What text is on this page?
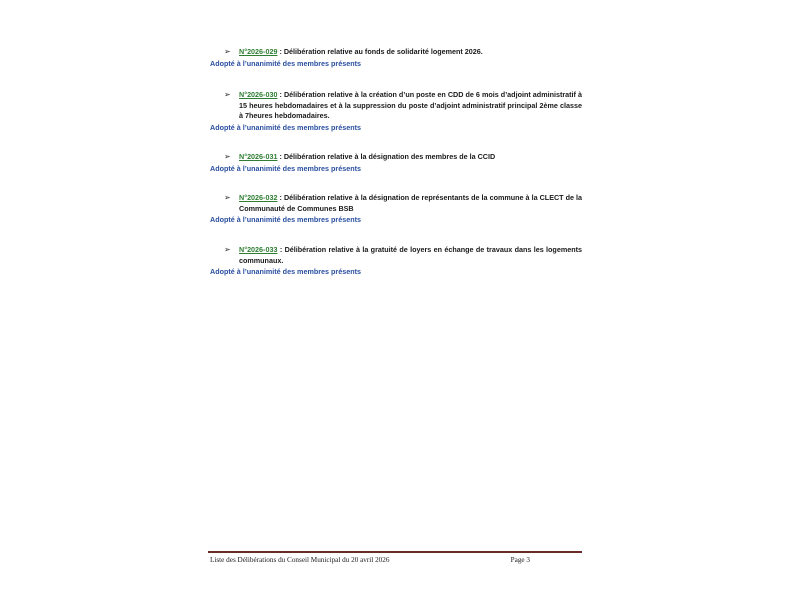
➢ N°2026-029 : Délibération relative au fonds de solidarité logement 2026.
Adopté à l’unanimité des membres présents
➢ N°2026-030 : Délibération relative à la création d’un poste en CDD de 6 mois d’adjoint administratif à 15 heures hebdomadaires et à la suppression du poste d’adjoint administratif principal 2ème classe à 7heures hebdomadaires.
Adopté à l’unanimité des membres présents
➢ N°2026-031 : Délibération relative à la désignation des membres de la CCID
Adopté à l’unanimité des membres présents
➢ N°2026-032 : Délibération relative à la désignation de représentants de la commune à la CLECT de la Communauté de Communes BSB
Adopté à l’unanimité des membres présents
➢ N°2026-033 : Délibération relative à la gratuité de loyers en échange de travaux dans les logements communaux.
Adopté à l’unanimité des membres présents
Liste des Délibérations du Conseil Municipal du 20 avril 2026	Page 3
